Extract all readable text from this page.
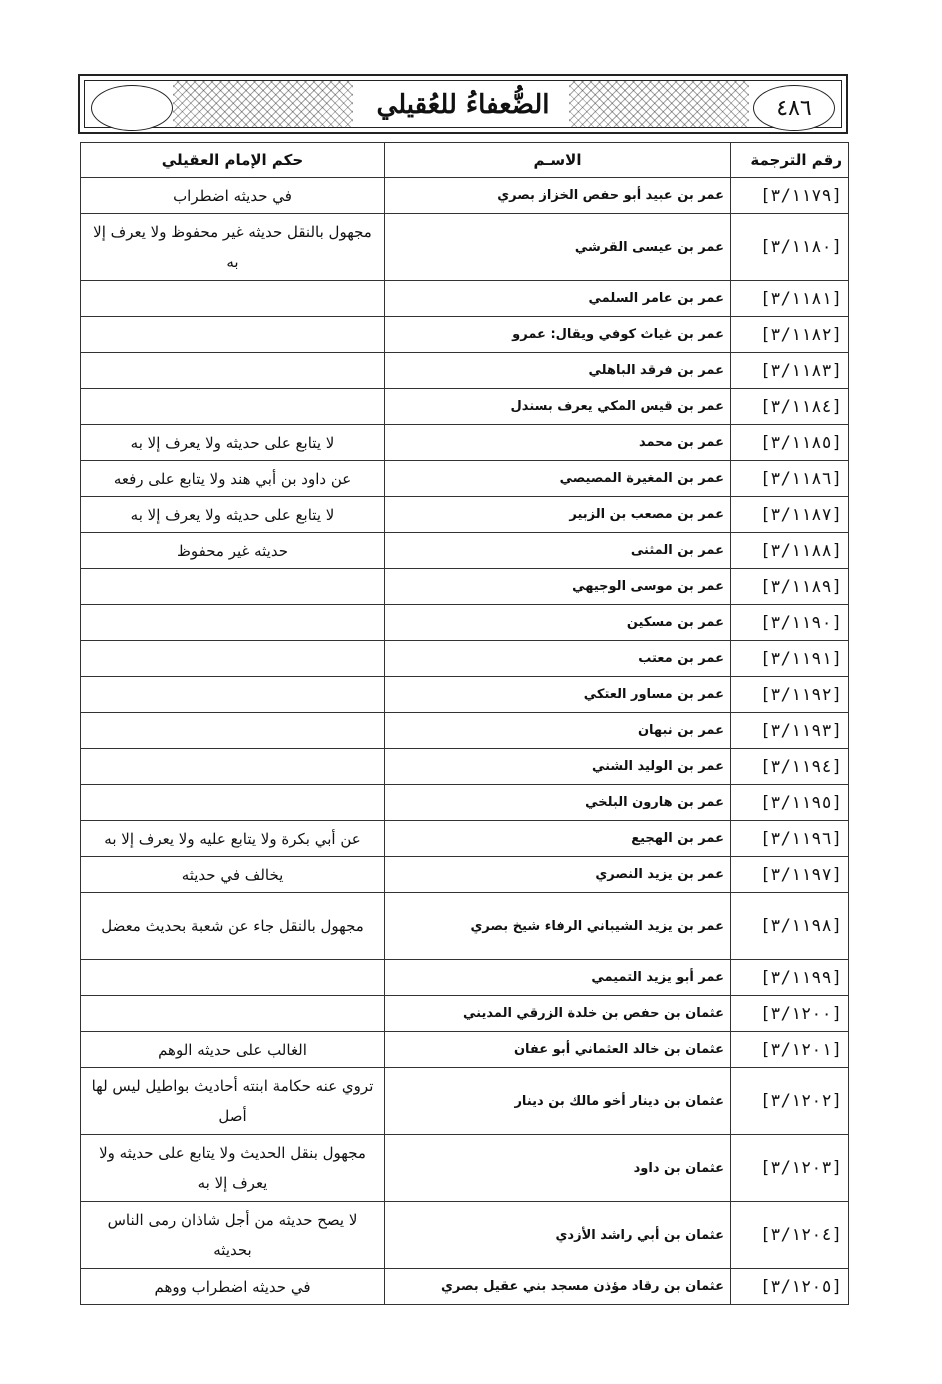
الضُّعفاءُ للعُقيلي	٤٨٦
رقم الترجمة	الاسـم	حكم الإمام العقيلي
[٣/١١٧٩]	عمر بن عبيد أبو حفص الخزاز بصري	في حديثه اضطراب
[٣/١١٨٠]	عمر بن عيسى القرشي	مجهول بالنقل حديثه غير محفوظ ولا يعرف إلا به
[٣/١١٨١]	عمر بن عامر السلمي	
[٣/١١٨٢]	عمر بن غياث كوفي ويقال: عمرو	
[٣/١١٨٣]	عمر بن فرقد الباهلي	
[٣/١١٨٤]	عمر بن قيس المكي يعرف بسندل	
[٣/١١٨٥]	عمر بن محمد	لا يتابع على حديثه ولا يعرف إلا به
[٣/١١٨٦]	عمر بن المغيرة المصيصي	عن داود بن أبي هند ولا يتابع على رفعه
[٣/١١٨٧]	عمر بن مصعب بن الزبير	لا يتابع على حديثه ولا يعرف إلا به
[٣/١١٨٨]	عمر بن المثنى	حديثه غير محفوظ
[٣/١١٨٩]	عمر بن موسى الوجيهي	
[٣/١١٩٠]	عمر بن مسكين	
[٣/١١٩١]	عمر بن معتب	
[٣/١١٩٢]	عمر بن مساور العتكي	
[٣/١١٩٣]	عمر بن نبهان	
[٣/١١٩٤]	عمر بن الوليد الشني	
[٣/١١٩٥]	عمر بن هارون البلخي	
[٣/١١٩٦]	عمر بن الهجيع	عن أبي بكرة ولا يتابع عليه ولا يعرف إلا به
[٣/١١٩٧]	عمر بن يزيد النصري	يخالف في حديثه
[٣/١١٩٨]	عمر بن يزيد الشيباني الرفاء شيخ بصري	مجهول بالنقل جاء عن شعبة بحديث معضل
[٣/١١٩٩]	عمر أبو يزيد التميمي	
[٣/١٢٠٠]	عثمان بن حفص بن خلدة الزرقي المديني	
[٣/١٢٠١]	عثمان بن خالد العثماني أبو عفان	الغالب على حديثه الوهم
[٣/١٢٠٢]	عثمان بن دينار أخو مالك بن دينار	تروي عنه حكامة ابنته أحاديث بواطيل ليس لها أصل
[٣/١٢٠٣]	عثمان بن داود	مجهول بنقل الحديث ولا يتابع على حديثه ولا يعرف إلا به
[٣/١٢٠٤]	عثمان بن أبي راشد الأزدي	لا يصح حديثه من أجل شاذان رمى الناس بحديثه
[٣/١٢٠٥]	عثمان بن رقاد مؤذن مسجد بني عقيل بصري	في حديثه اضطراب ووهم
